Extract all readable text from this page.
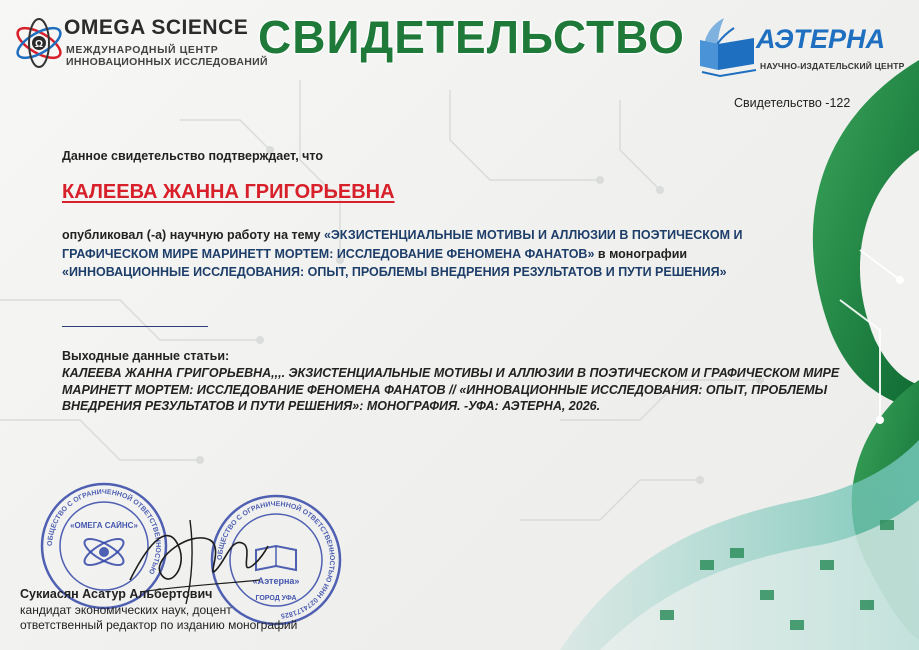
Ω
OMEGA SCIENCE
МЕЖДУНАРОДНЫЙ ЦЕНТР
ИННОВАЦИОННЫХ ИССЛЕДОВАНИЙ
СВИДЕТЕЛЬСТВО	АЭТЕРНА
НАУЧНО-ИЗДАТЕЛЬСКИЙ ЦЕНТР
Свидетельство -122
Данное свидетельство подтверждает, что
КАЛЕЕВА ЖАННА ГРИГОРЬЕВНА
опубликовал (-а) научную работу на тему «ЭКЗИСТЕНЦИАЛЬНЫЕ МОТИВЫ И АЛЛЮЗИИ В ПОЭТИЧЕСКОМ И ГРАФИЧЕСКОМ МИРЕ МАРИНЕТТ МОРТЕМ: ИССЛЕДОВАНИЕ ФЕНОМЕНА ФАНАТОВ» в монографии «ИННОВАЦИОННЫЕ ИССЛЕДОВАНИЯ: ОПЫТ, ПРОБЛЕМЫ ВНЕДРЕНИЯ РЕЗУЛЬТАТОВ И ПУТИ РЕШЕНИЯ»
Выходные данные статьи:
КАЛЕЕВА ЖАННА ГРИГОРЬЕВНА,,,. ЭКЗИСТЕНЦИАЛЬНЫЕ МОТИВЫ И АЛЛЮЗИИ В ПОЭТИЧЕСКОМ И ГРАФИЧЕСКОМ МИРЕ МАРИНЕТТ МОРТЕМ: ИССЛЕДОВАНИЕ ФЕНОМЕНА ФАНАТОВ // «ИННОВАЦИОННЫЕ ИССЛЕДОВАНИЯ: ОПЫТ, ПРОБЛЕМЫ ВНЕДРЕНИЯ РЕЗУЛЬТАТОВ И ПУТИ РЕШЕНИЯ»: МОНОГРАФИЯ. -УФА: АЭТЕРНА, 2026.
ОБЩЕСТВО С ОГРАНИЧЕННОЙ ОТВЕТСТВЕННОСТЬЮ
«ОМЕГА САЙНС»
ОБЩЕСТВО С ОГРАНИЧЕННОЙ ОТВЕТСТВЕННОСТЬЮ ИНН 0274171825
«Аэтерна»
ГОРОД УФА
Сукиасян Асатур Альбертович
кандидат экономических наук, доцент
ответственный редактор по изданию монографий
